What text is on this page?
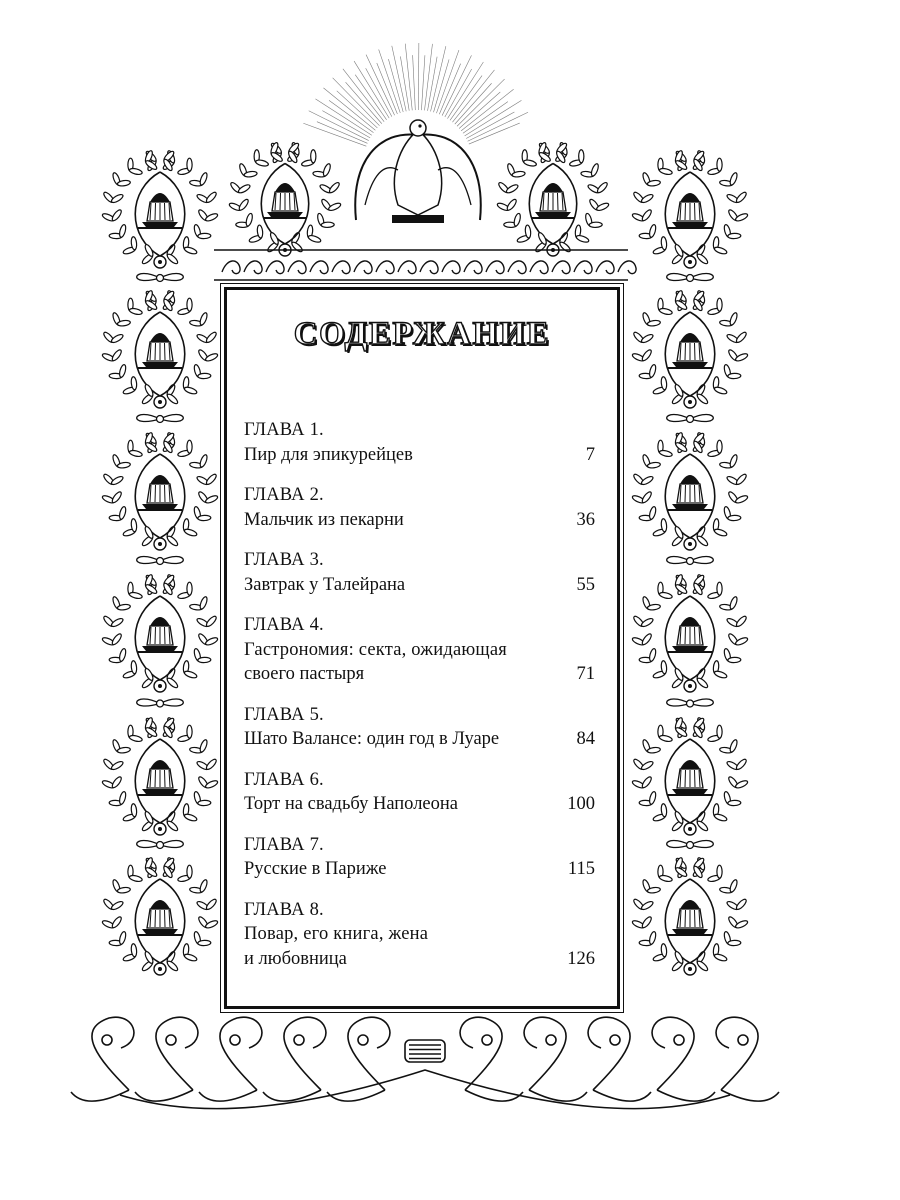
СОДЕРЖАНИЕ
ГЛАВА 1.
Пир для эпикурейцев	7
ГЛАВА 2.
Мальчик из пекарни	36
ГЛАВА 3.
Завтрак у Талейрана	55
ГЛАВА 4.
Гастрономия: секта, ожидающая
своего пастыря	71
ГЛАВА 5.
Шато Валансе: один год в Луаре	84
ГЛАВА 6.
Торт на свадьбу Наполеона	100
ГЛАВА 7.
Русские в Париже	115
ГЛАВА 8.
Повар, его книга, жена
и любовница	126
